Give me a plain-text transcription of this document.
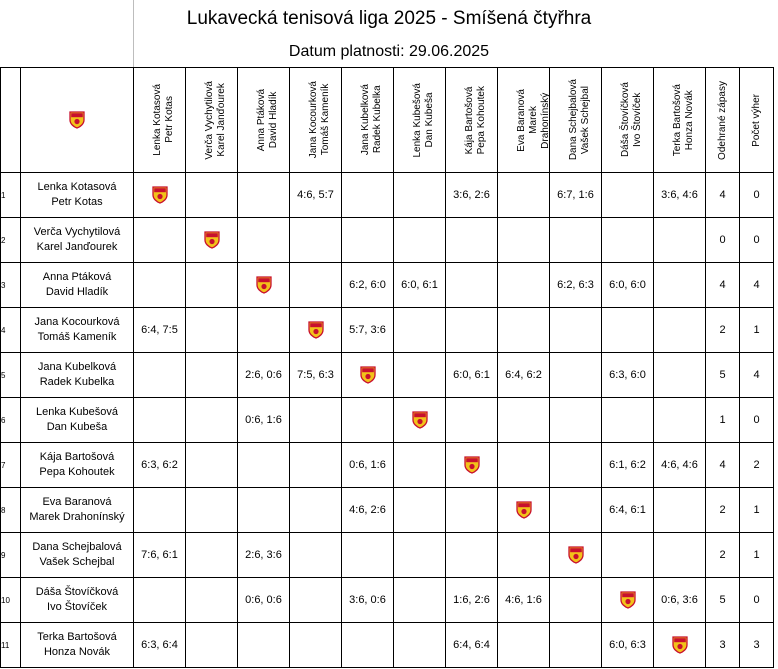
Lukavecká tenisová liga 2025 - Smíšená čtyřhra
Datum platnosti: 29.06.2025

Lenka Kotasová
Petr Kotas	Verča Vychytilová
Karel Janďourek	Anna Ptáková
David Hladík	Jana Kocourková
Tomáš Kameník	Jana Kubelková
Radek Kubelka	Lenka Kubešová
Dan Kubeša	Kája Bartošová
Pepa Kohoutek	Eva Baranová
Marek
Drahonínský	Dana Schejbalová
Vašek Schejbal	Dáša Štovíčková
Ivo Štovíček	Terka Bartošová
Honza Novák	Odehrané zápasy	Počet výher

1	Lenka Kotasová
Petr Kotas				4:6, 5:7			3:6, 2:6		6:7, 1:6		3:6, 4:6	4	0
2	Verča Vychytilová
Karel Janďourek												0	0
3	Anna Ptáková
David Hladík					6:2, 6:0	6:0, 6:1			6:2, 6:3	6:0, 6:0		4	4
4	Jana Kocourková
Tomáš Kameník	6:4, 7:5				5:7, 3:6							2	1
5	Jana Kubelková
Radek Kubelka			2:6, 0:6	7:5, 6:3			6:0, 6:1	6:4, 6:2		6:3, 6:0		5	4
6	Lenka Kubešová
Dan Kubeša			0:6, 1:6									1	0
7	Kája Bartošová
Pepa Kohoutek	6:3, 6:2				0:6, 1:6					6:1, 6:2	4:6, 4:6	4	2
8	Eva Baranová
Marek Drahonínský					4:6, 2:6					6:4, 6:1		2	1
9	Dana Schejbalová
Vašek Schejbal	7:6, 6:1		2:6, 3:6									2	1
10	Dáša Štovíčková
Ivo Štovíček			0:6, 0:6		3:6, 0:6		1:6, 2:6	4:6, 1:6			0:6, 3:6	5	0
11	Terka Bartošová
Honza Novák	6:3, 6:4						6:4, 6:4			6:0, 6:3		3	3
